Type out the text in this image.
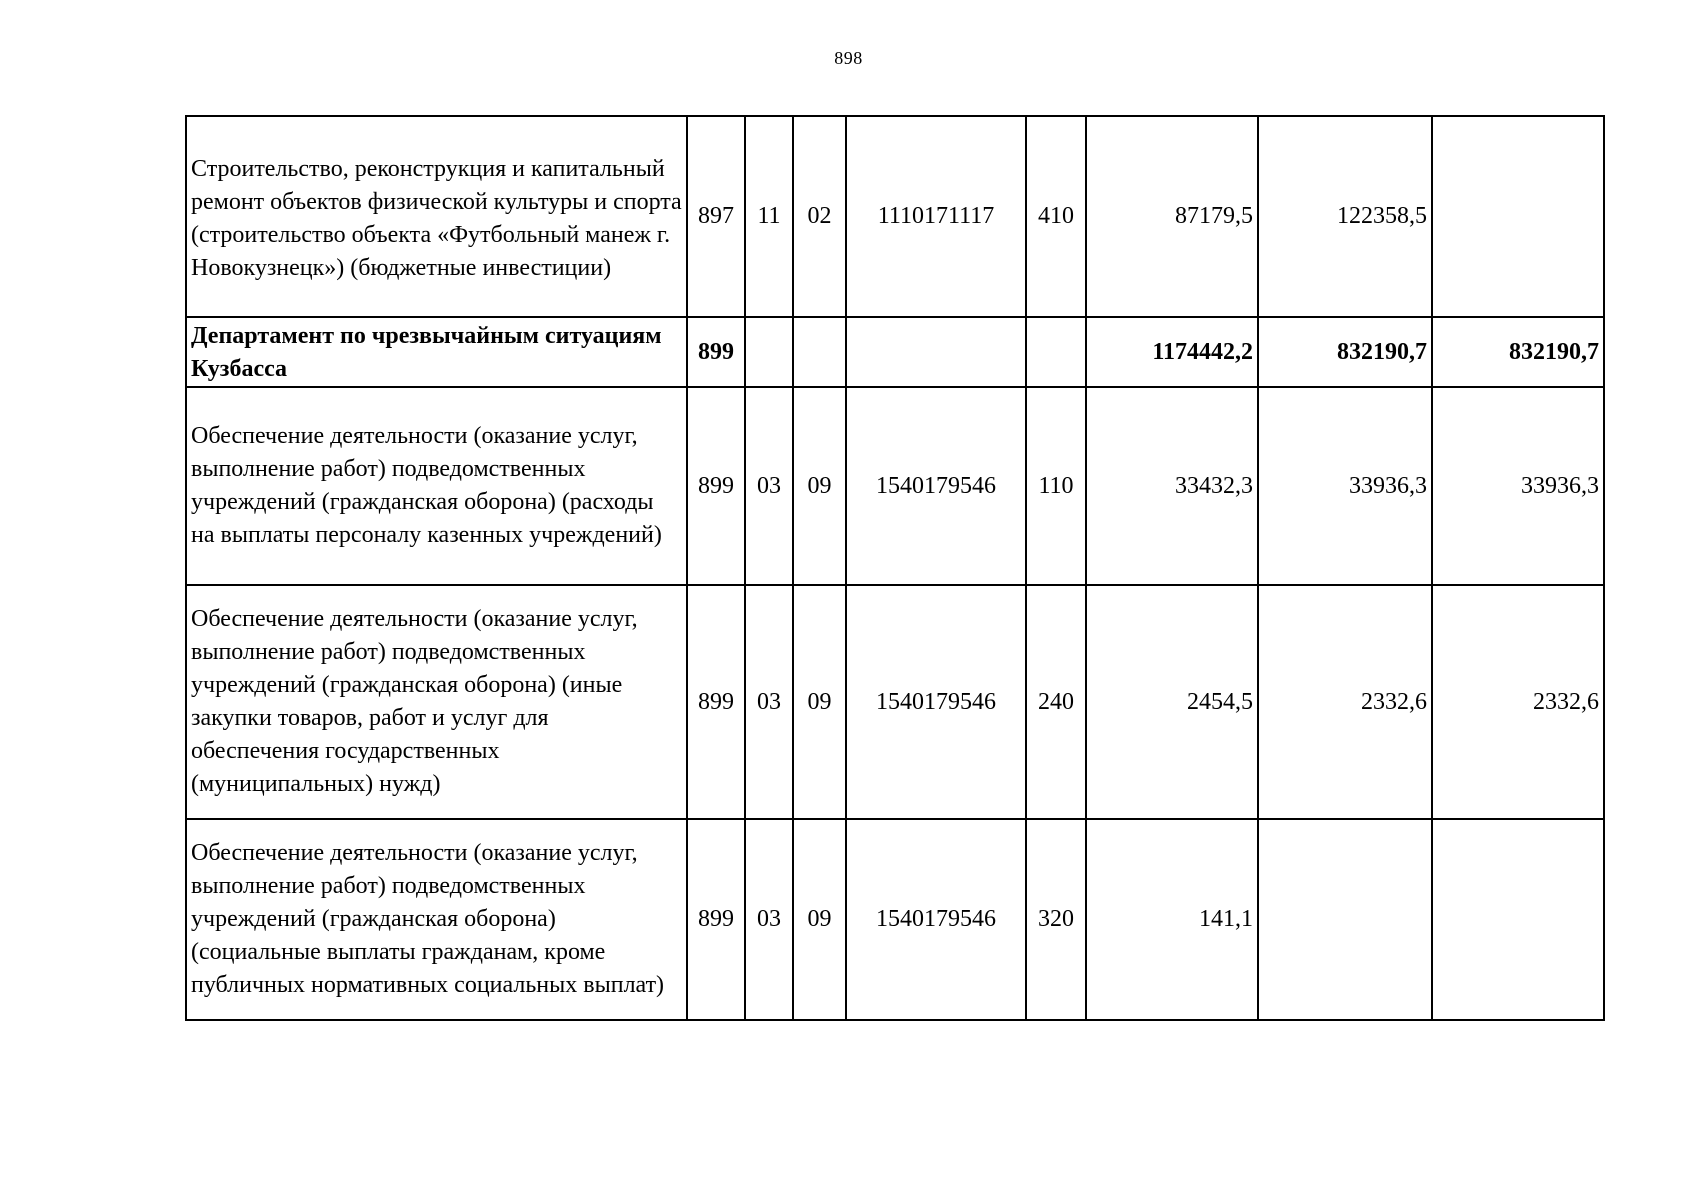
898
Строительство, реконструкция и капитальный ремонт объектов физической культуры и спорта (строительство объекта «Футбольный манеж г. Новокузнецк») (бюджетные инвестиции)	897	11	02	1110171117	410	87179,5	122358,5	
Департамент по чрезвычайным ситуациям Кузбасса	899					1174442,2	832190,7	832190,7
Обеспечение деятельности (оказание услуг, выполнение работ) подведомственных учреждений (гражданская оборона) (расходы на выплаты персоналу казенных учреждений)	899	03	09	1540179546	110	33432,3	33936,3	33936,3
Обеспечение деятельности (оказание услуг, выполнение работ) подведомственных учреждений (гражданская оборона) (иные закупки товаров, работ и услуг для обеспечения государственных (муниципальных) нужд)	899	03	09	1540179546	240	2454,5	2332,6	2332,6
Обеспечение деятельности (оказание услуг, выполнение работ) подведомственных учреждений (гражданская оборона) (социальные выплаты гражданам, кроме публичных нормативных социальных выплат)	899	03	09	1540179546	320	141,1		
